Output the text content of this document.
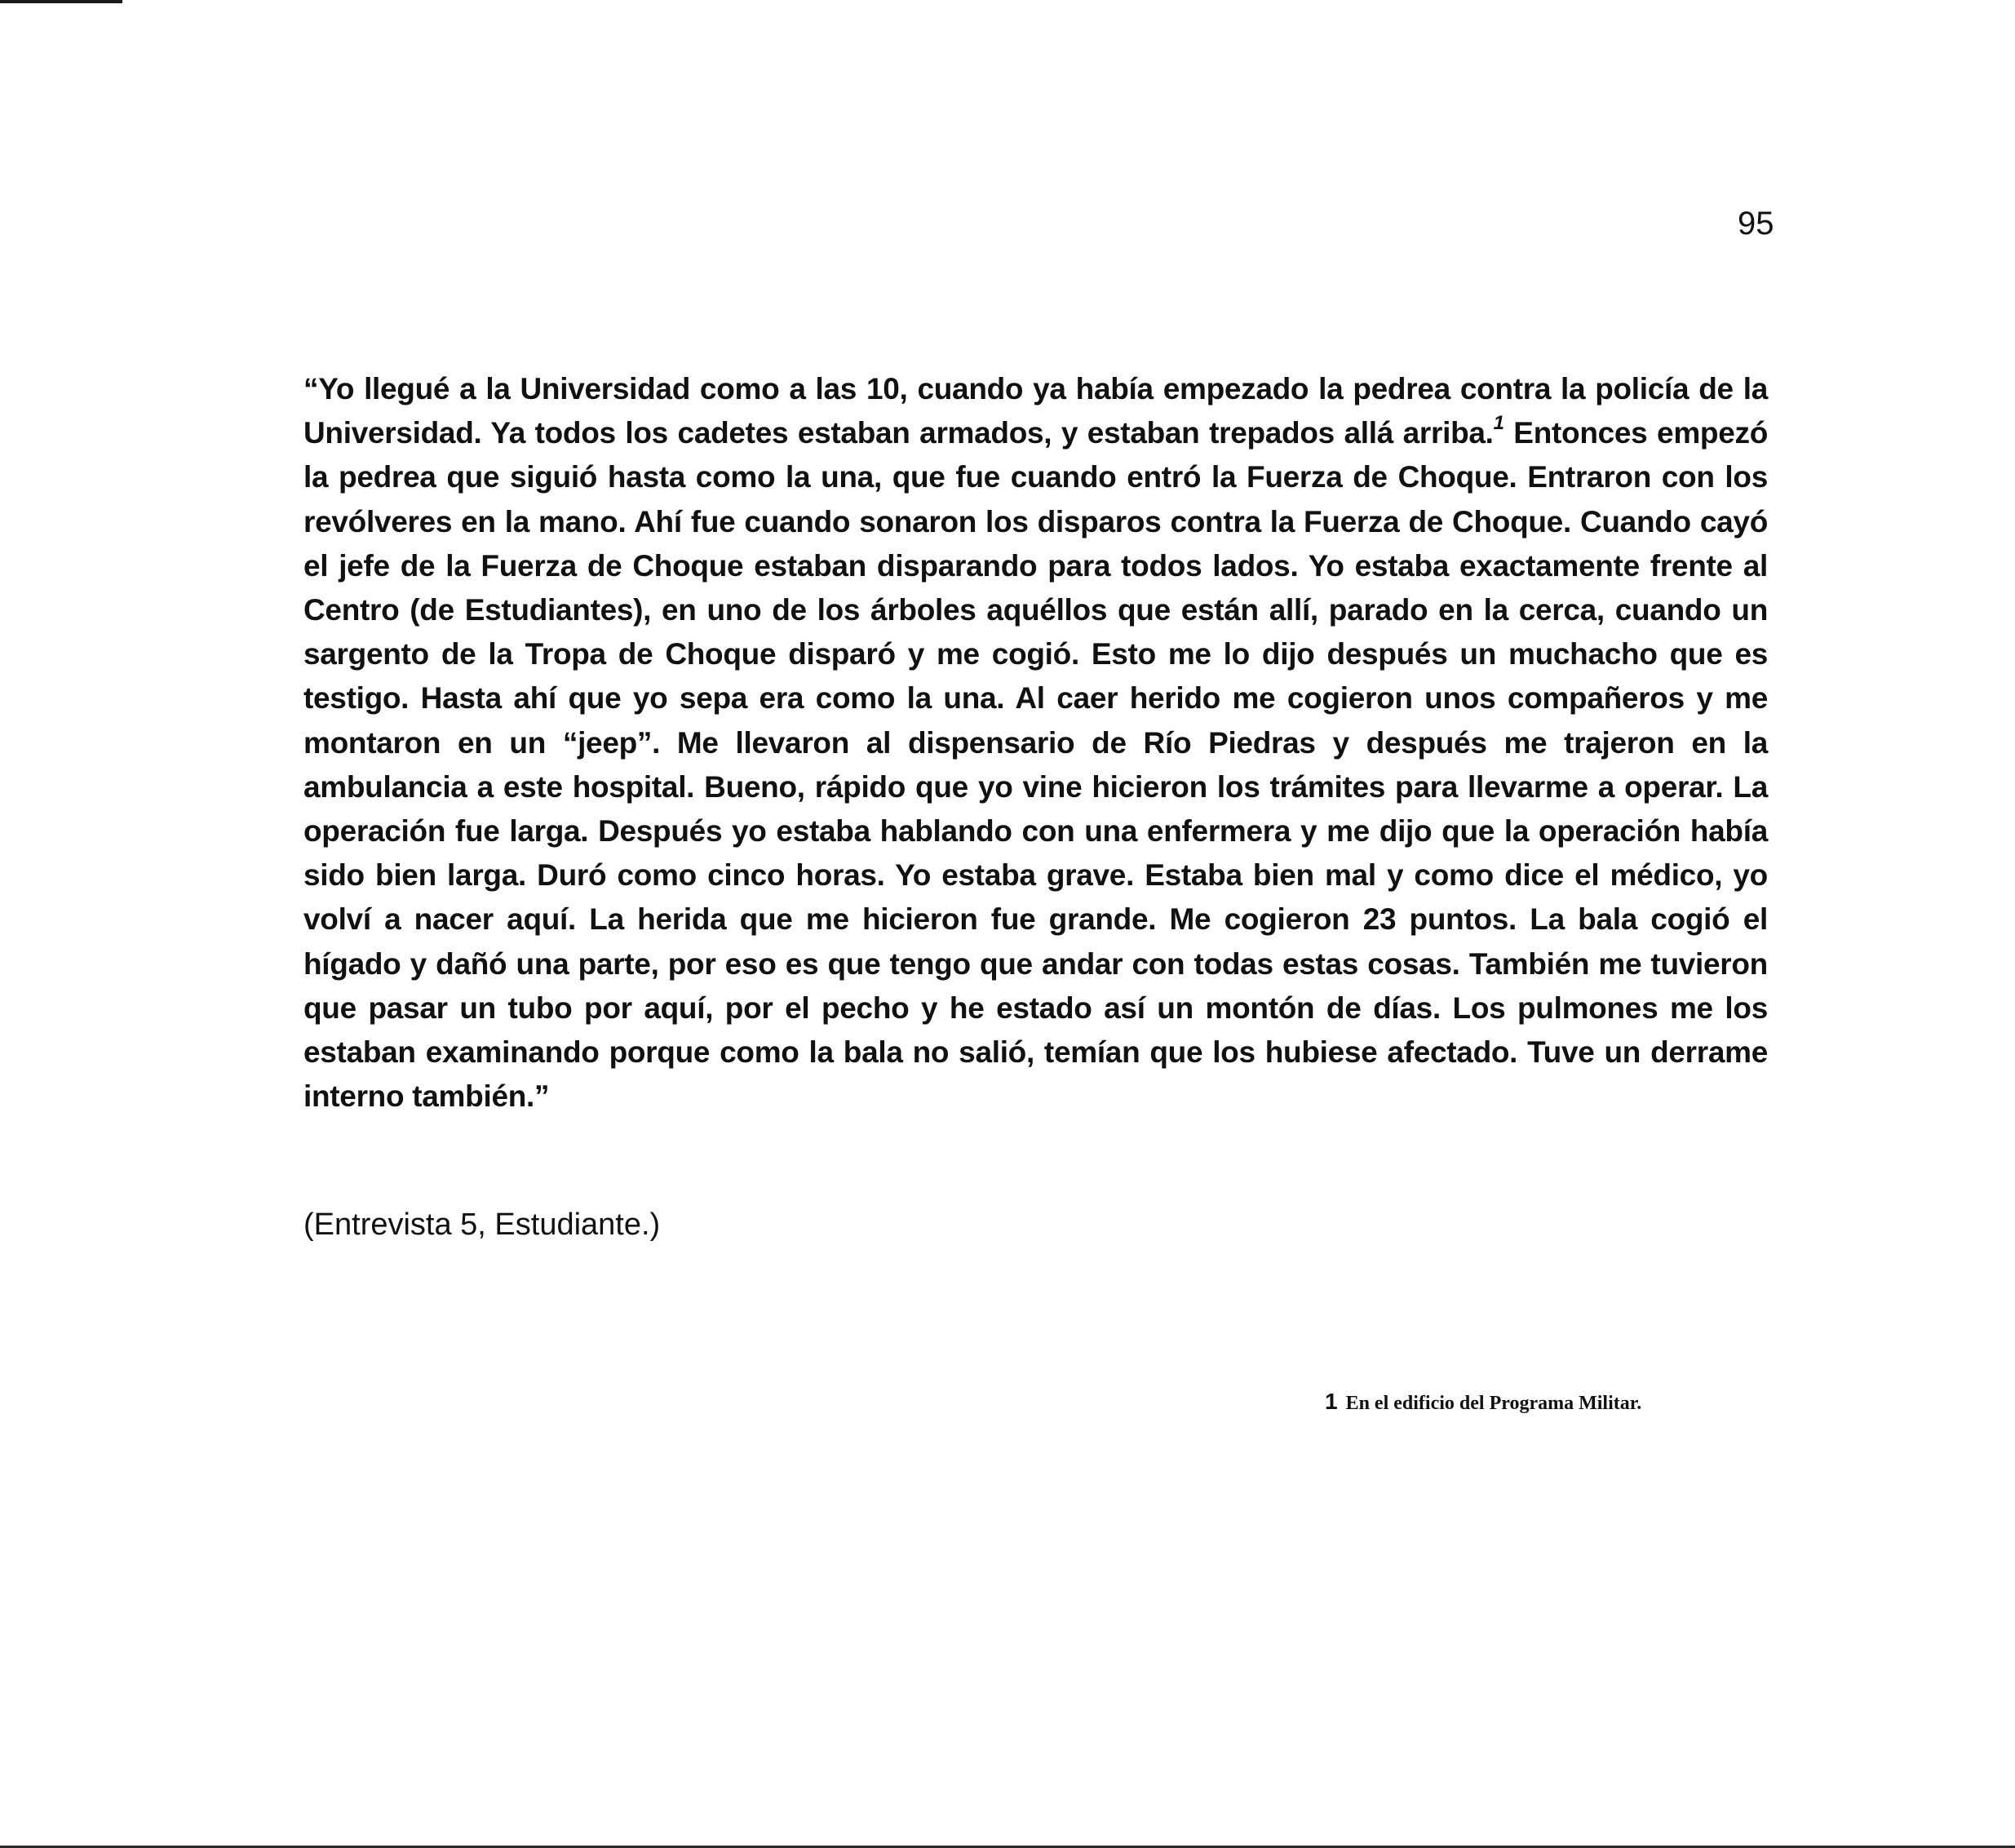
95

“Yo llegué a la Universidad como a las 10, cuando ya había empezado la pedrea contra la policía de la Universidad. Ya todos los cadetes estaban armados, y estaban trepados allá arriba.$^1$ Entonces empezó la pedrea que siguió hasta como la una, que fue cuando entró la Fuerza de Choque. Entraron con los revólveres en la mano. Ahí fue cuando sonaron los disparos contra la Fuerza de Choque. Cuando cayó el jefe de la Fuerza de Choque estaban disparando para todos lados. Yo estaba exactamente frente al Centro (de Estudiantes), en uno de los árboles aquéllos que están allí, parado en la cerca, cuando un sargento de la Tropa de Choque disparó y me cogió. Esto me lo dijo después un muchacho que es testigo. Hasta ahí que yo sepa era como la una. Al caer herido me cogieron unos compañeros y me montaron en un “jeep”. Me llevaron al dispensario de Río Piedras y después me trajeron en la ambulancia a este hospital. Bueno, rápido que yo vine hicieron los trámites para llevarme a operar. La operación fue larga. Después yo estaba hablando con una enfermera y me dijo que la operación había sido bien larga. Duró como cinco horas. Yo estaba grave. Estaba bien mal y como dice el médico, yo volví a nacer aquí. La herida que me hicieron fue grande. Me cogieron 23 puntos. La bala cogió el hígado y dañó una parte, por eso es que tengo que andar con todas estas cosas. También me tuvieron que pasar un tubo por aquí, por el pecho y he estado así un montón de días. Los pulmones me los estaban examinando porque como la bala no salió, temían que los hubiese afectado. Tuve un derrame interno también.”

(Entrevista 5, Estudiante.)
1 En el edificio del Programa Militar.
